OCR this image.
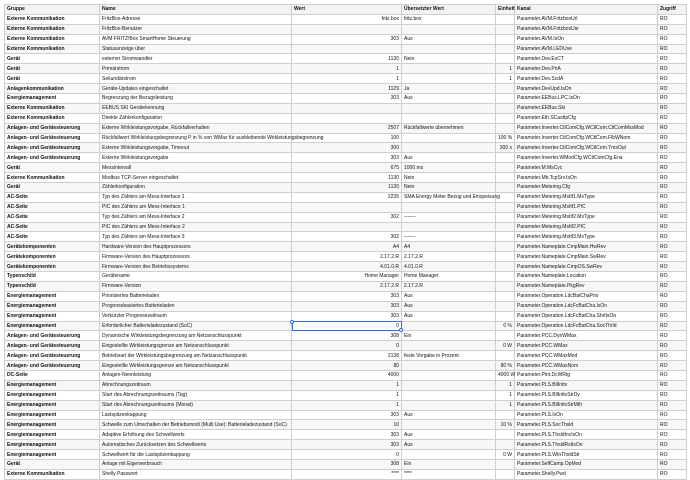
Gruppe	Name	Wert	Übersetzter Wert	Einheit	Kanal	Zugriff
Externe Kommunikation	FritzBox-Adresse	fritz.box	fritz.box		Parameter.AVM.FritzboxUrl	RO
Externe Kommunikation	FritzBox-Benutzer				Parameter.AVM.FritzboxUsr	RO
Externe Kommunikation	AVM FRITZ!Box SmartHome Steuerung	303	Aus		Parameter.AVM.IsOn	RO
Externe Kommunikation	Statusanzeige über				Parameter.AVM.LEDUse	RO
Gerät	externer Stromwandler	1130	Nein		Parameter.Dev.ExCT	RO
Gerät	Primärstrom	1		1	Parameter.Dev.PriA	RO
Gerät	Sekundärstrom	1		1	Parameter.Dev.ScdA	RO
Anlagenkommunikation	Geräte-Updates eingeschaltet	1129	Ja		Parameter.DevUpd.IsOn	RO
Energiemanagement	Begrenzung der Bezugsleistung	303	Aus		Parameter.EEBus.LPC.IsOn	RO
Externe Kommunikation	EEBUS SKI Gerätekennung				Parameter.EEBus.Ski	RO
Externe Kommunikation	Direkte Zählerkonfiguration				Parameter.Eth.SCastIpCfg	RO
Anlagen- und Gerätesteuerung	Externe Wirkleistungsvorgabe, Rückfallverhalten	2507	Rückfallwerte übernehmen		Parameter.Inverter.CtlComCfg.WCtlCom.CtlComMssMod	RO
Anlagen- und Gerätesteuerung	Rückfallwert Wirkleistungsbegrenzung P in % von WMax für ausbleibende Wirkleistungsbegrenzung	100		100 %	Parameter.Inverter.CtlComCfg.WCtlCom.FlbWNom	RO
Anlagen- und Gerätesteuerung	Externe Wirkleistungsvorgabe, Timeout	300		300 s	Parameter.Inverter.CtlComCfg.WCtlCom.TmsOut	RO
Anlagen- und Gerätesteuerung	Externe Wirkleistungsvorgabe	303	Aus		Parameter.Inverter.WModCfg.WCtlComCfg.Ena	RO
Gerät	Messintervall	675	1000 ms		Parameter.M.MsCyc	RO
Externe Kommunikation	Modbus TCP-Server eingeschaltet	1130	Nein		Parameter.Mb.TcpSrv.IsOn	RO
Gerät	Zählerkonfiguration	1130	Nein		Parameter.Metering.Cfg	RO
AC-Seite	Typ des Zählers am Mess-Interface 1	2235	SMA Energy Meter Bezug und Einspeisung		Parameter.Metering.MsItf1.MsType	RO
AC-Seite	PIC des Zählers am Mess-Interface 1				Parameter.Metering.MsItf1.PIC	RO
AC-Seite	Typ des Zählers am Mess-Interface 2	302	-------		Parameter.Metering.MsItf2.MsType	RO
AC-Seite	PIC des Zählers am Mess-Interface 2				Parameter.Metering.MsItf2.PIC	RO
AC-Seite	Typ des Zählers am Mess-Interface 3	302	-------		Parameter.Metering.MsItf3.MsType	RO
Gerätekomponenten	Hardware-Version des Hauptprozessors	A4	A4		Parameter.Nameplate.CmpMain.HwRev	RO
Gerätekomponenten	Firmware-Version des Hauptprozessors	2.17.2.R	2.17.2.R		Parameter.Nameplate.CmpMain.SwRev	RO
Gerätekomponenten	Firmware-Version des Betriebssystems	4.01.0.R	4.01.0.R		Parameter.Nameplate.CmpOS.SwRev	RO
Typenschild	Gerätename	Home Manager	Home Manager		Parameter.Nameplate.Location	RO
Typenschild	Firmware-Version	2.17.2.R	2.17.2.R		Parameter.Nameplate.PkgRev	RO
Energiemanagement	Priorisiertes Batterieladen	303	Aus		Parameter.Operation.LdcBatChaPrio	RO
Energiemanagement	Prognosebasiertes Batterieladen	303	Aus		Parameter.Operation.LdcFcBatCha.IsOn	RO
Energiemanagement	Verkürzter Prognosezeitraum	303	Aus		Parameter.Operation.LdcFcBatCha.ShrtIsOn	RO
Energiemanagement	Erforderlicher Batterieladezustand (SoC)	0		0 %	Parameter.Operation.LdcFcBatCha.SocThrld	RO
Anlagen- und Gerätesteuerung	Dynamische Wirkleistungsbegrenzung am Netzanschlusspunkt	308	Ein		Parameter.PCC.DynWMax	RO
Anlagen- und Gerätesteuerung	Eingestellte Wirkleistungsgrenze am Netzanschlusspunkt	0		0 W	Parameter.PCC.WMax	RO
Anlagen- und Gerätesteuerung	Betriebsart der Wirkleistungsbegrenzung am Netzanschlusspunkt	2138	feste Vorgabe in Prozent		Parameter.PCC.WMaxMod	RO
Anlagen- und Gerätesteuerung	Eingestellte Wirkleistungsgrenze am Netzanschlusspunkt	80		80 %	Parameter.PCC.WMaxNom	RO
DC-Seite	Anlagen-Nennleistung	4000		4000 W	Parameter.Plnt.DcWRtg	RO
Energiemanagement	Abrechnungszeitraum	1		1	Parameter.PLS.BllInttv	RO
Energiemanagement	Start des Abrechnungszeitraums (Tag)	1		1	Parameter.PLS.BllInttvStrDy	RO
Energiemanagement	Start des Abrechnungszeitraums (Monat)	1		1	Parameter.PLS.BllInttvStrMth	RO
Energiemanagement	Lastspitzenkappung	303	Aus		Parameter.PLS.IsOn	RO
Energiemanagement	Schwelle zum Umschalten der Betriebsmodi (Multi Use): Batterieladezustand (SoC)	10		10 %	Parameter.PLS.SocThsld	RO
Energiemanagement	Adaptive Erhöhung des Schwellwerts	303	Aus		Parameter.PLS.ThsldIncIsOn	RO
Energiemanagement	Automatisches Zurücksetzen des Schwellwerts	303	Aus		Parameter.PLS.ThsldRstIsOn	RO
Energiemanagement	Schwellwert für die Lastspitzenkappung	0		0 W	Parameter.PLS.WInThsldStr	RO
Gerät	Anlage mit Eigenverbrauch	308	Ein		Parameter.SelfCamp.OpMod	RO
Externe Kommunikation	Shelly Passwort	****	****		Parameter.Shelly.Pwd	RO
